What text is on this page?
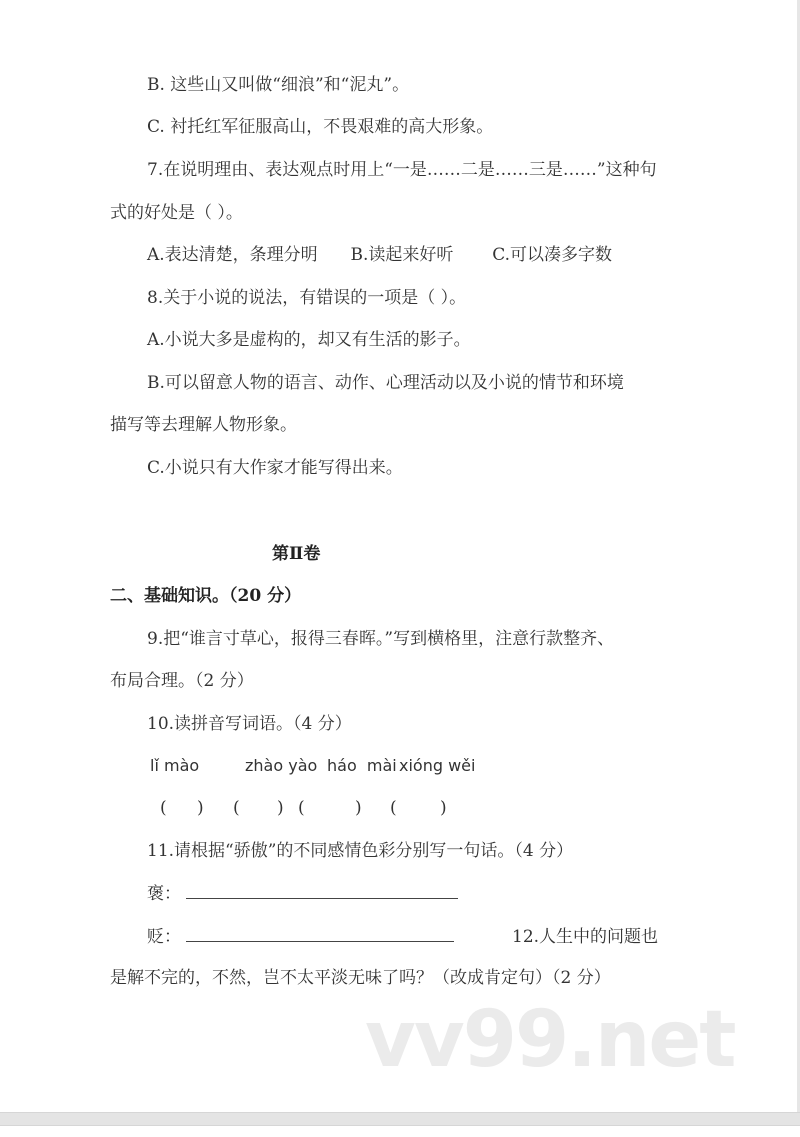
B. 这些山又叫做“细浪”和“泥丸”。
C. 衬托红军征服高山，不畏艰难的高大形象。
7.在说明理由、表达观点时用上“一是……二是……三是……”这种句
式的好处是（ ）。
A.表达清楚，条理分明 B.读起来好听 C.可以凑多字数
8.关于小说的说法，有错误的一项是（ ）。
A.小说大多是虚构的，却又有生活的影子。
B.可以留意人物的语言、动作、心理活动以及小说的情节和环境
描写等去理解人物形象。
C.小说只有大作家才能写得出来。
第Ⅱ卷
二、基础知识。（20 分）
9.把“谁言寸草心，报得三春晖。”写到横格里，注意行款整齐、
布局合理。（2 分）
10.读拼音写词语。（4 分）
lǐ mào	zhào yào háo  mài xióng wěi
( ) ( ) (	) (	)
11.请根据“骄傲”的不同感情色彩分别写一句话。（4 分）
褒：
贬：	12.人生中的问题也
是解不完的，不然，岂不太平淡无味了吗？（改成肯定句）（2 分）
vv99.net
